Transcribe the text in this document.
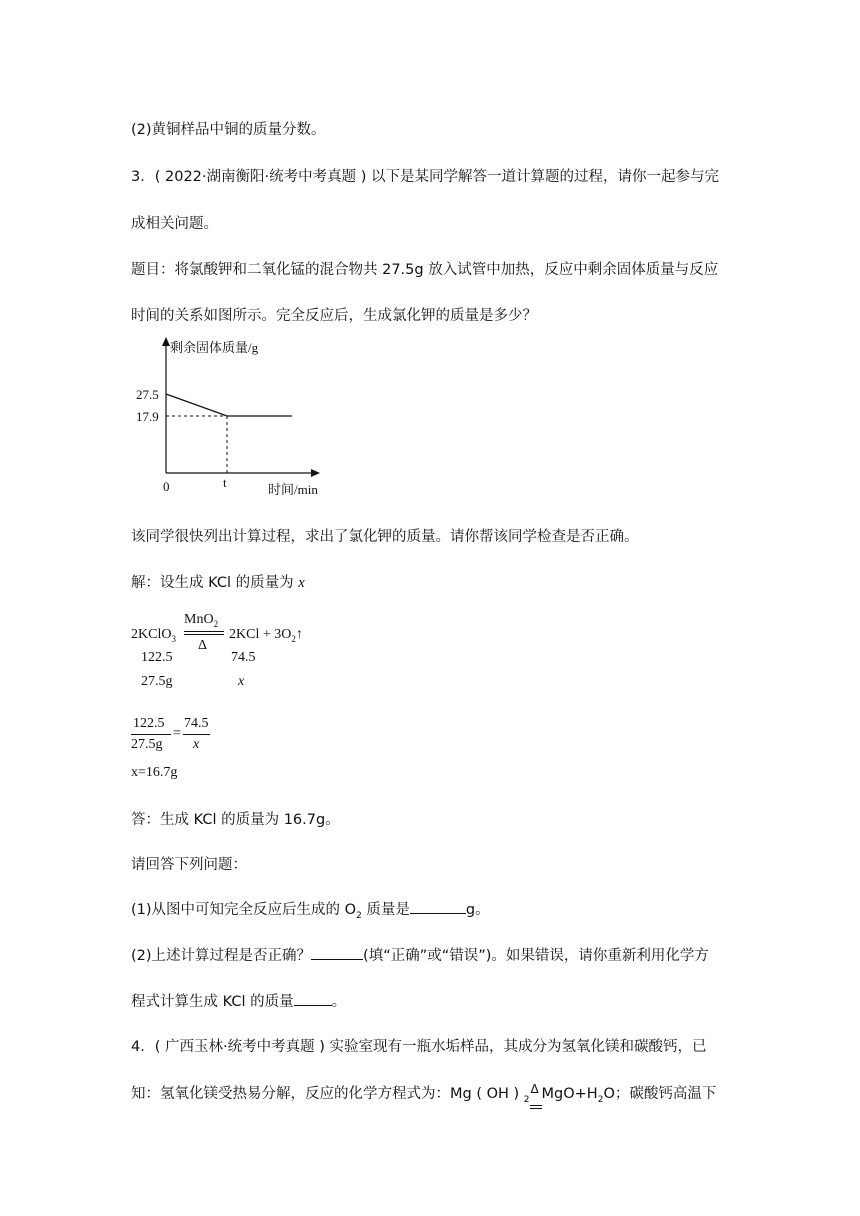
(2)黄铜样品中铜的质量分数。
3．( 2022·湖南衡阳·统考中考真题 ) 以下是某同学解答一道计算题的过程，请你一起参与完
成相关问题。
题目：将氯酸钾和二氧化锰的混合物共 27.5g 放入试管中加热，反应中剩余固体质量与反应
时间的关系如图所示。完全反应后，生成氯化钾的质量是多少？
剩余固体质量/g
时间/min
27.5
17.9
0	t
该同学很快列出计算过程，求出了氯化钾的质量。请你帮该同学检查是否正确。
解：设生成 KCl 的质量为 x
MnO$_2$
Δ
2KClO$_3$	$2KCl + 3O_2↑$
122.5	74.5
27.5g	x
122.5
27.5g
=
74.5
x
x=16.7g
答：生成 KCl 的质量为 16.7g。
请回答下列问题：
(1)从图中可知完全反应后生成的 $O_2$ 质量是	g。
(2)上述计算过程是否正确？	(填“正确”或“错误”)。如果错误，请你重新利用化学方
程式计算生成 KCl 的质量	。
4．( 广西玉林·统考中考真题 ) 实验室现有一瓶水垢样品，其成分为氢氧化镁和碳酸钙，已
知：氢氧化镁受热易分解，反应的化学方程式为：Mg ( OH ) $_2$
Δ $MgO+H_2O$；碳酸钙高温下
